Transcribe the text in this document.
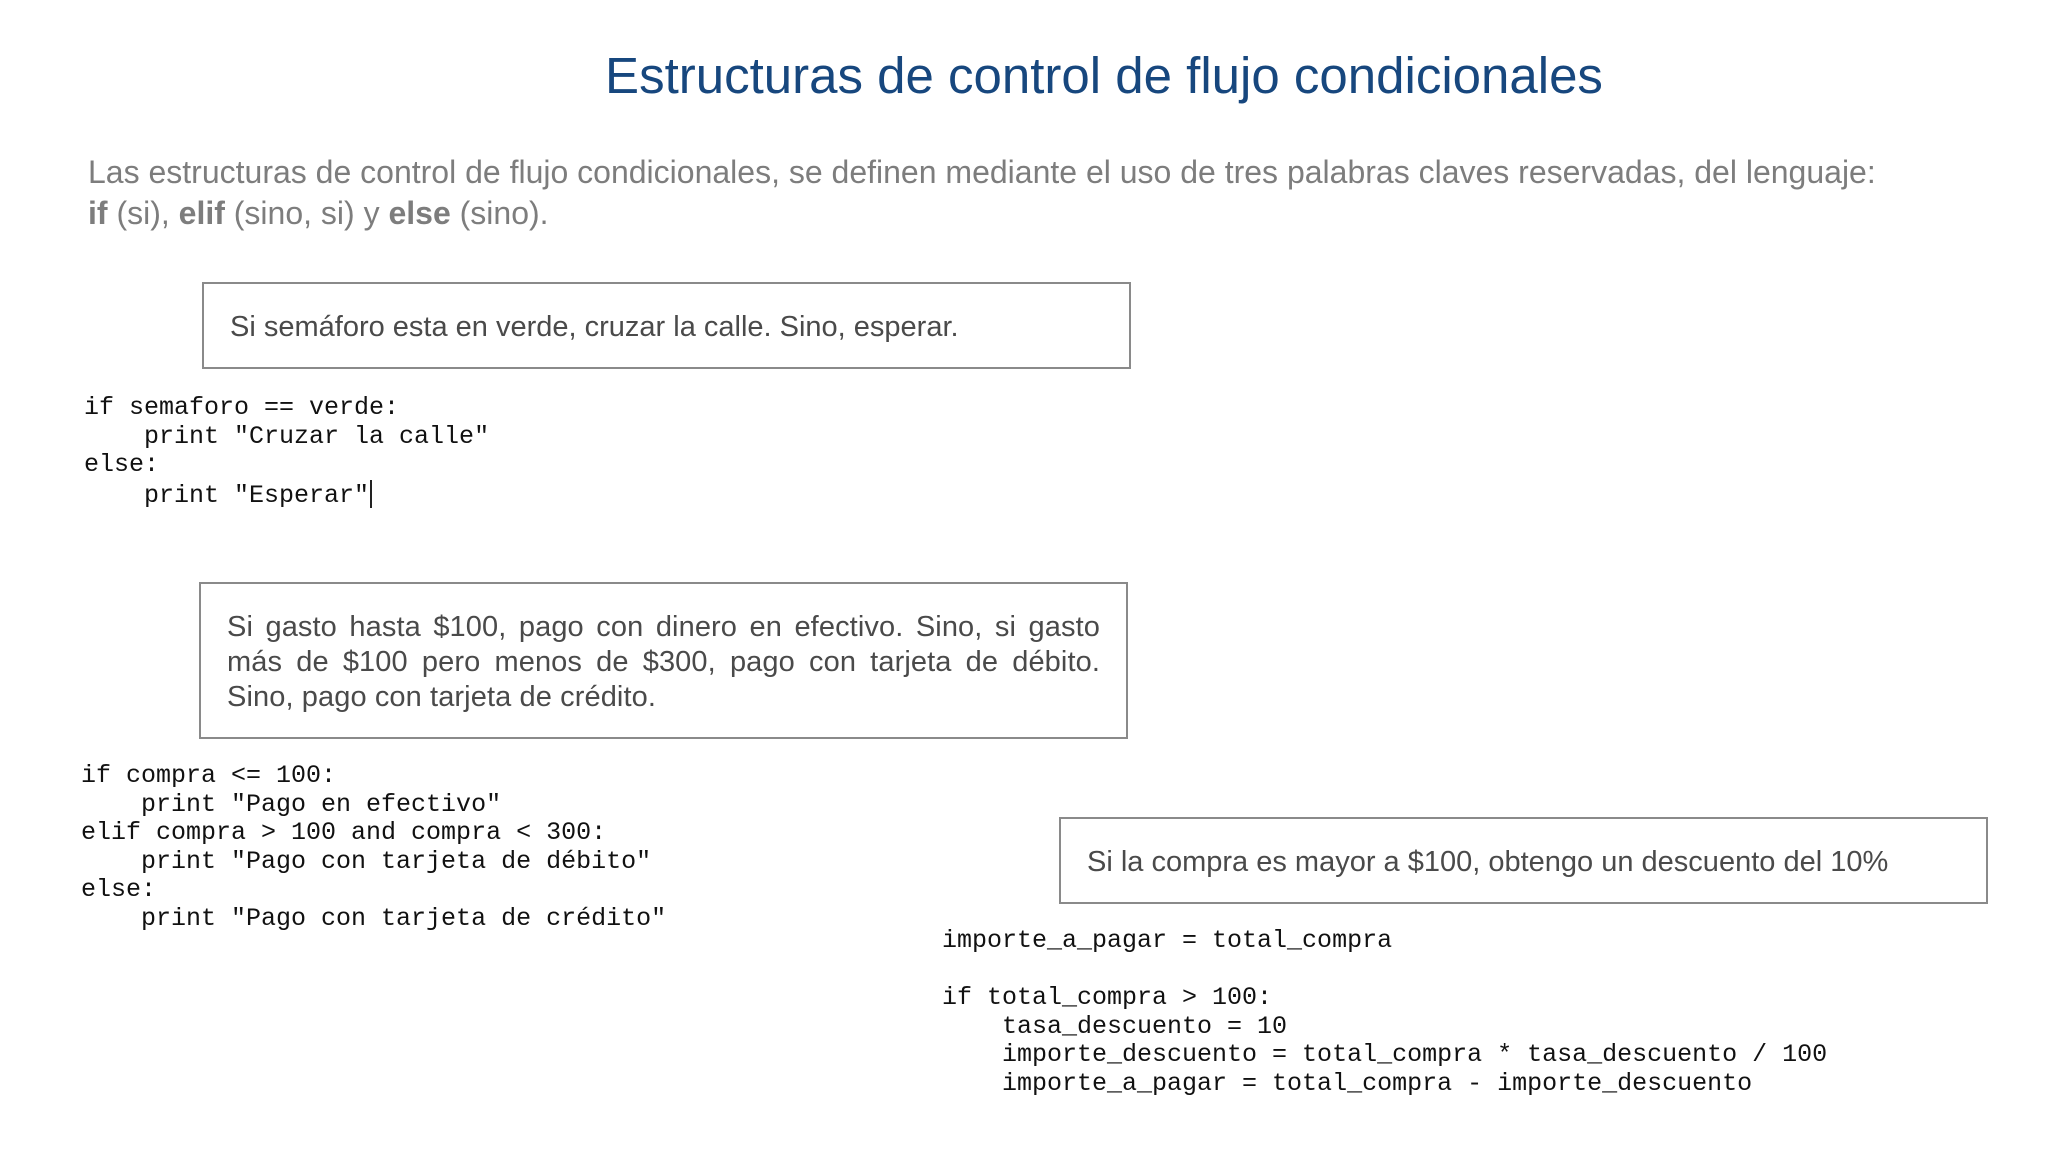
Estructuras de control de flujo condicionales
Las estructuras de control de flujo condicionales, se definen mediante el uso de tres palabras claves reservadas, del lenguaje:
if (si), elif (sino, si) y else (sino).
Si semáforo esta en verde, cruzar la calle. Sino, esperar.
if semaforo == verde:
print "Cruzar la calle"
else:
print "Esperar"
Si gasto hasta $100, pago con dinero en efectivo. Sino, si gasto más de $100 pero menos de $300, pago con tarjeta de débito. Sino, pago con tarjeta de crédito.
if compra <= 100:
print "Pago en efectivo"
elif compra > 100 and compra < 300:
print "Pago con tarjeta de débito"
else:
print "Pago con tarjeta de crédito"
Si la compra es mayor a $100, obtengo un descuento del 10%
importe_a_pagar = total_compra
if total_compra > 100:
tasa_descuento = 10
importe_descuento = total_compra * tasa_descuento / 100
importe_a_pagar = total_compra - importe_descuento
